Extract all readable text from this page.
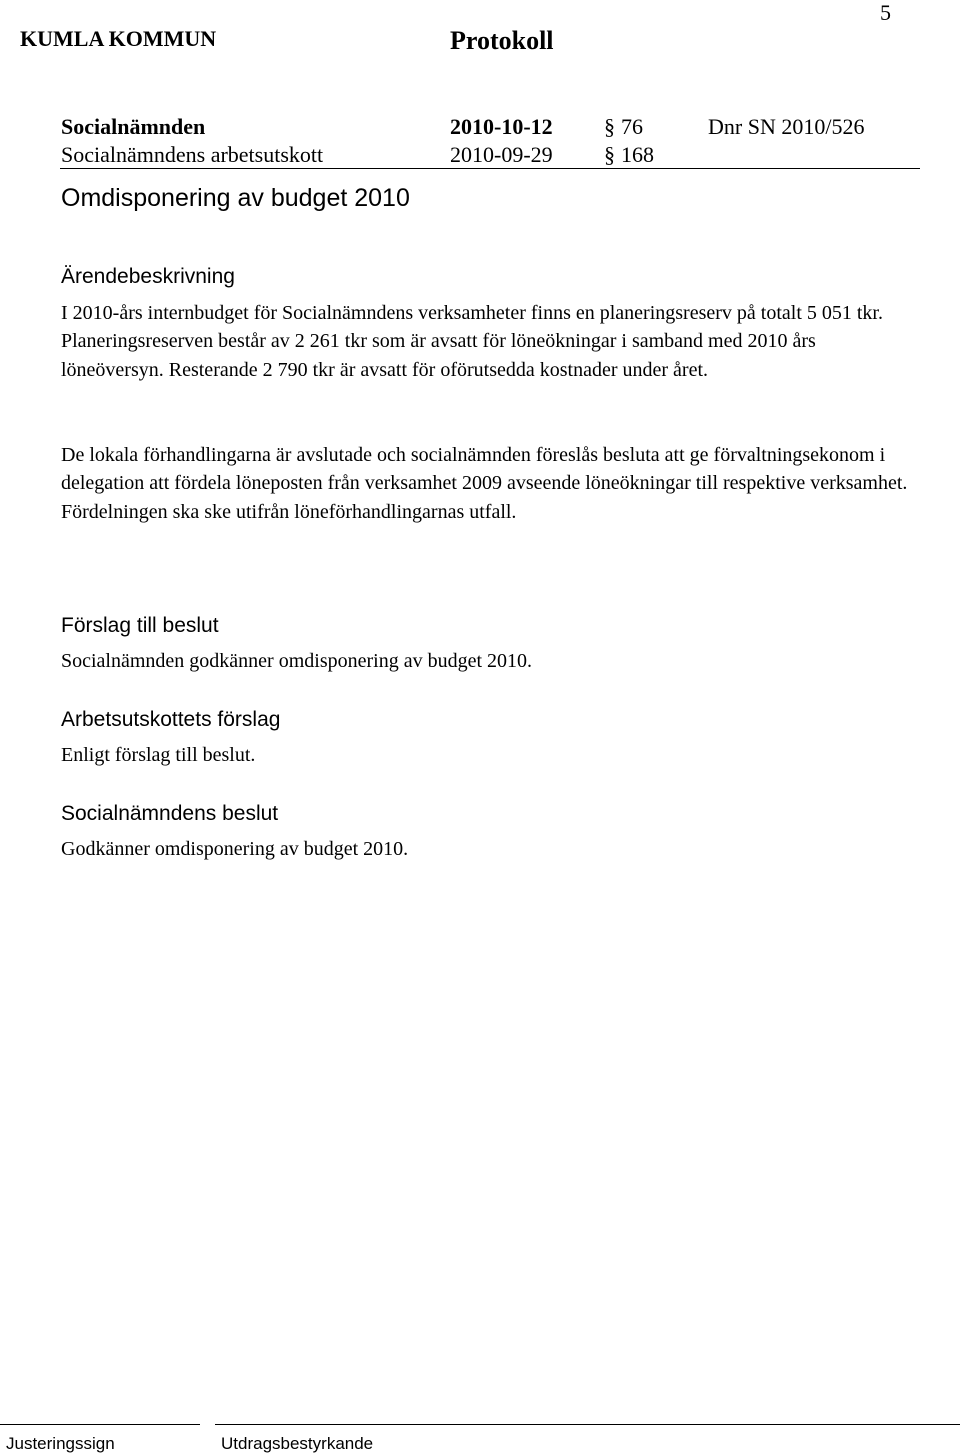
5
KUMLA KOMMUN	Protokoll
Socialnämnden	2010-10-12 § 76	Dnr SN 2010/526
Socialnämndens arbetsutskott	2010-09-29 § 168
Omdisponering av budget 2010
Ärendebeskrivning
I 2010-års internbudget för Socialnämndens verksamheter finns en planeringsreserv på totalt 5 051 tkr. Planeringsreserven består av 2 261 tkr som är avsatt för löneökningar i samband med 2010 års löneöversyn. Resterande 2 790 tkr är avsatt för oförutsedda kostnader under året.
De lokala förhandlingarna är avslutade och socialnämnden föreslås besluta att ge förvaltningsekonom i delegation att fördela löneposten från verksamhet 2009 avseende löneökningar till respektive verksamhet. Fördelningen ska ske utifrån löneförhandlingarnas utfall.
Förslag till beslut
Socialnämnden godkänner omdisponering av budget 2010.
Arbetsutskottets förslag
Enligt förslag till beslut.
Socialnämndens beslut
Godkänner omdisponering av budget 2010.
Justeringssign	Utdragsbestyrkande
